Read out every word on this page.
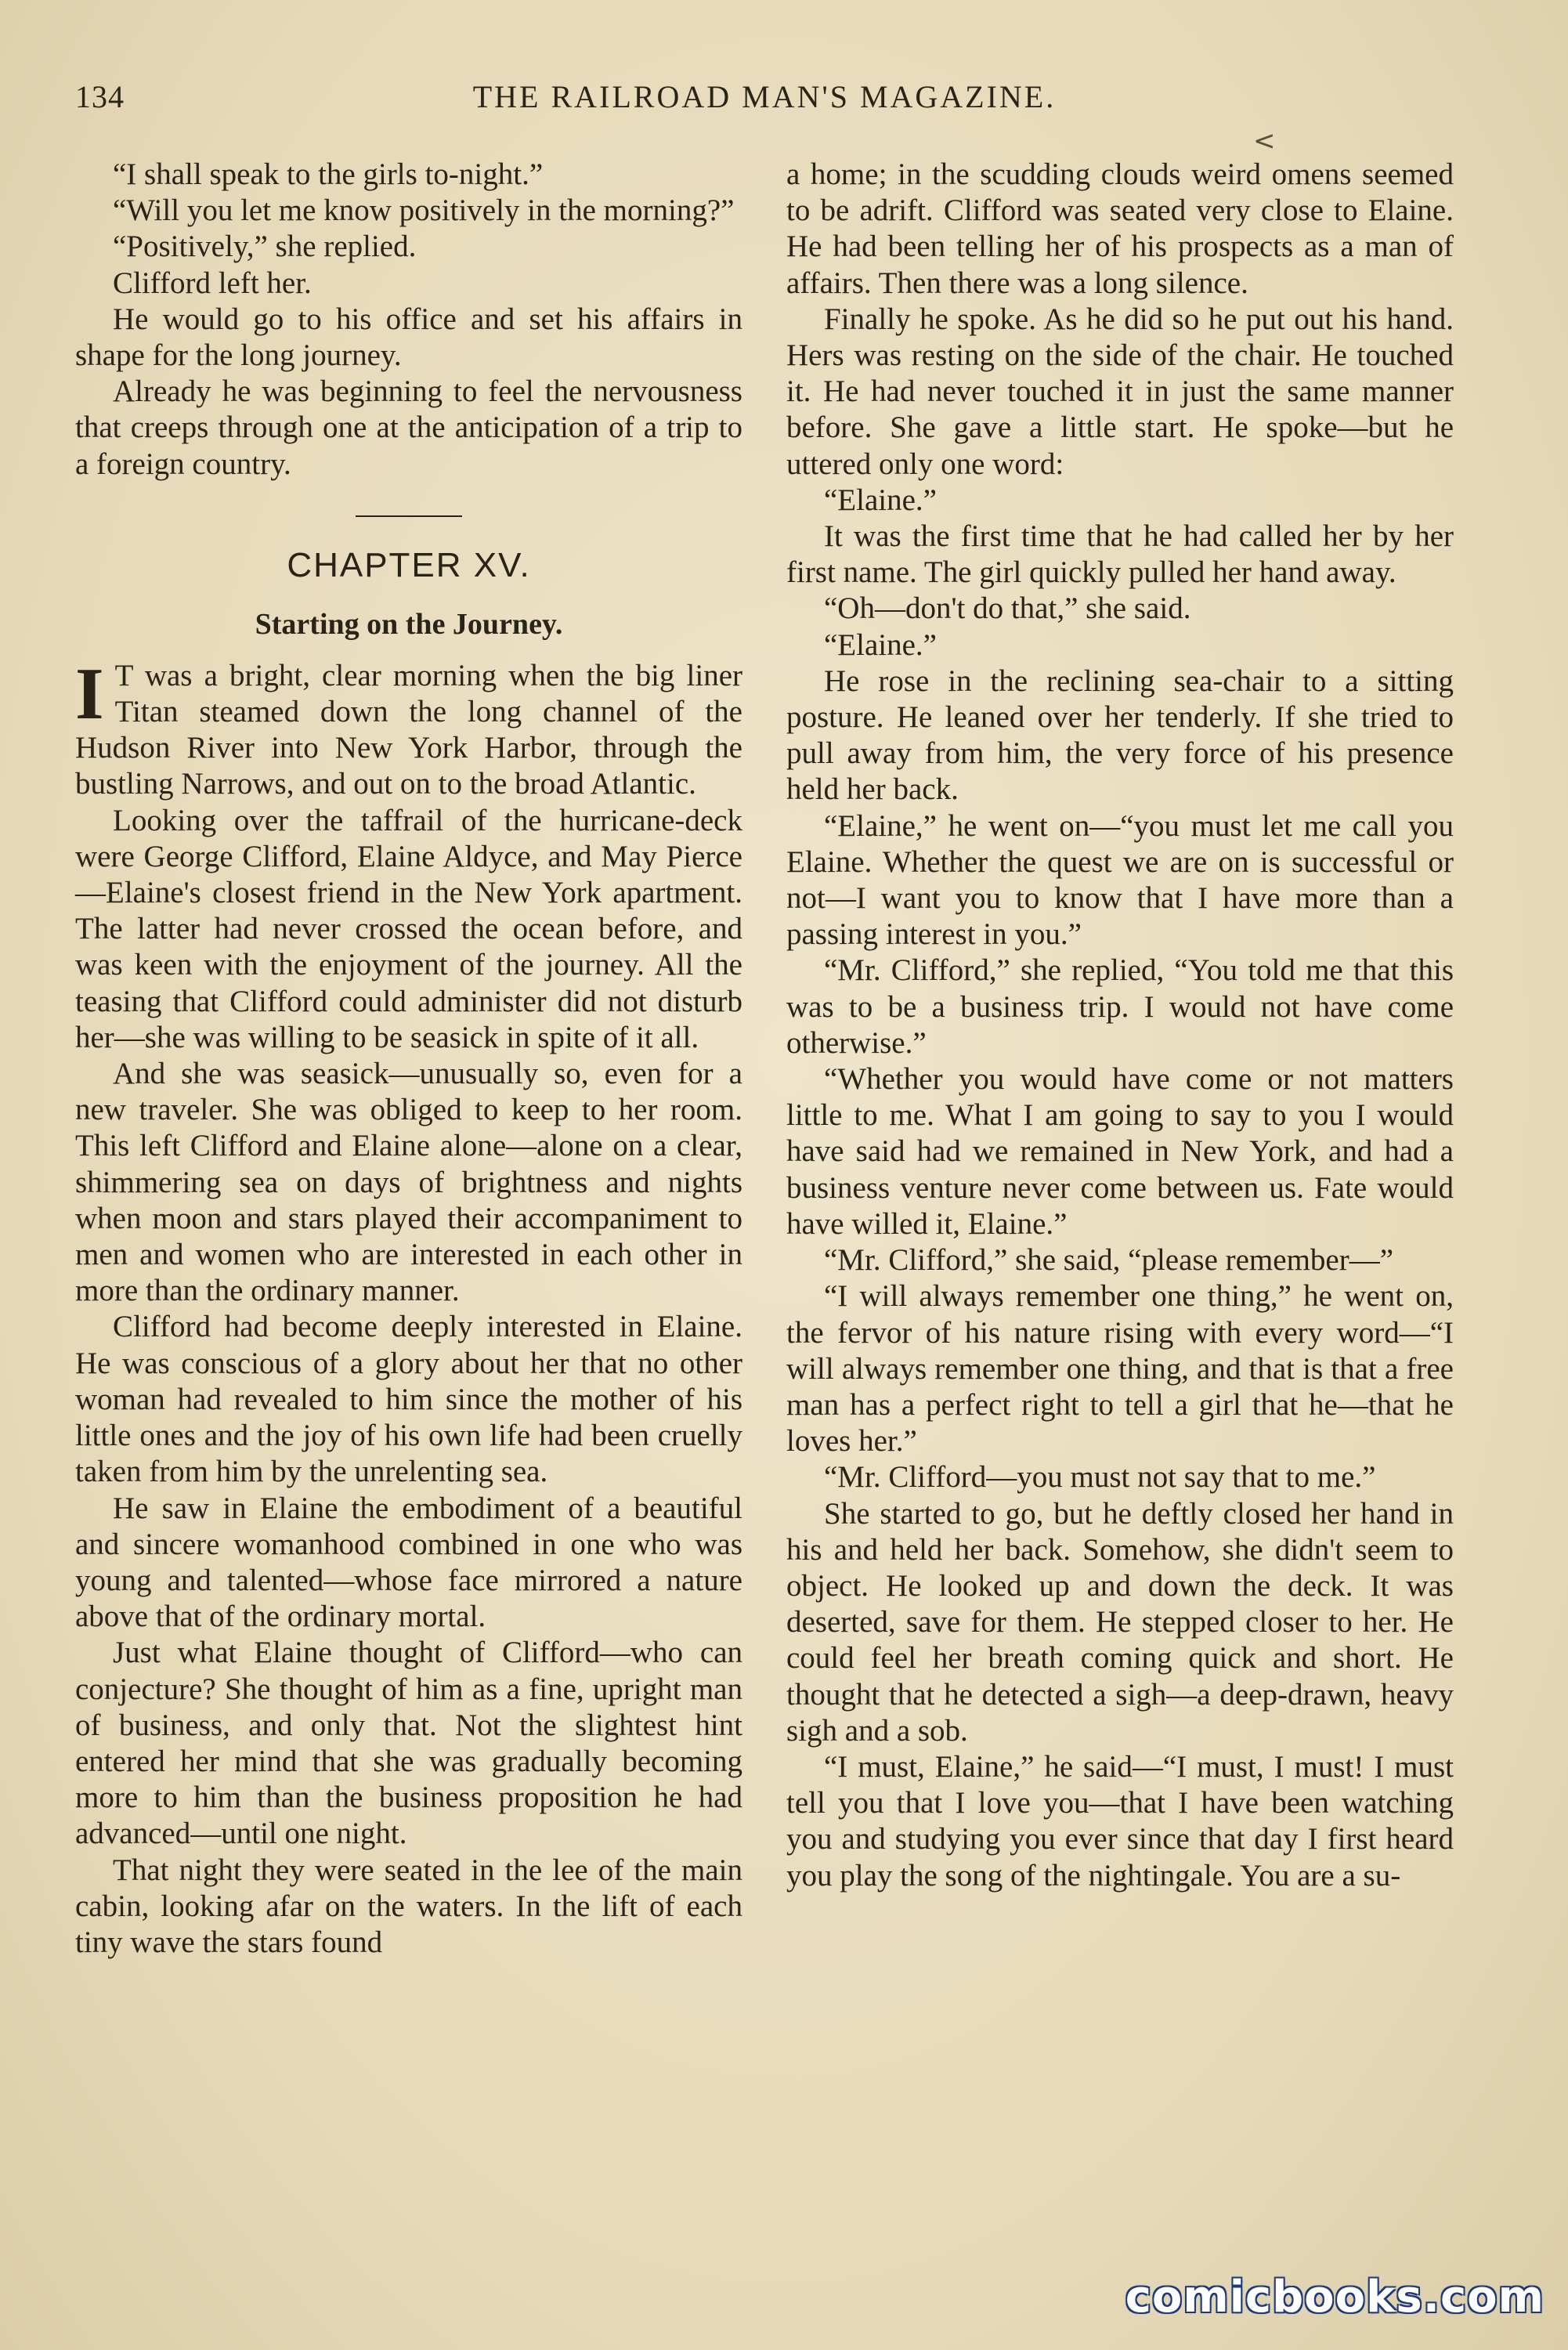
134	THE RAILROAD MAN'S MAGAZINE.
<

“I shall speak to the girls to-night.”

“Will you let me know positively in the morning?”

“Positively,” she replied.

Clifford left her.

He would go to his office and set his affairs in shape for the long journey.

Already he was beginning to feel the nervousness that creeps through one at the anticipation of a trip to a foreign country.

CHAPTER XV.
Starting on the Journey.

I T was a bright, clear morning when the big liner Titan steamed down the long channel of the Hudson River into New York Harbor, through the bustling Narrows, and out on to the broad Atlantic.

Looking over the taffrail of the hurricane-deck were George Clifford, Elaine Aldyce, and May Pierce—Elaine's closest friend in the New York apartment. The latter had never crossed the ocean before, and was keen with the enjoyment of the journey. All the teasing that Clifford could administer did not disturb her—she was willing to be seasick in spite of it all.

And she was seasick—unusually so, even for a new traveler. She was obliged to keep to her room. This left Clifford and Elaine alone—alone on a clear, shimmering sea on days of brightness and nights when moon and stars played their accompaniment to men and women who are interested in each other in more than the ordinary manner.

Clifford had become deeply interested in Elaine. He was conscious of a glory about her that no other woman had revealed to him since the mother of his little ones and the joy of his own life had been cruelly taken from him by the unrelenting sea.

He saw in Elaine the embodiment of a beautiful and sincere womanhood combined in one who was young and talented—whose face mirrored a nature above that of the ordinary mortal.

Just what Elaine thought of Clifford—who can conjecture? She thought of him as a fine, upright man of business, and only that. Not the slightest hint entered her mind that she was gradually becoming more to him than the business proposition he had advanced—until one night.

That night they were seated in the lee of the main cabin, looking afar on the waters. In the lift of each tiny wave the stars found

a home; in the scudding clouds weird omens seemed to be adrift. Clifford was seated very close to Elaine. He had been telling her of his prospects as a man of affairs. Then there was a long silence.

Finally he spoke. As he did so he put out his hand. Hers was resting on the side of the chair. He touched it. He had never touched it in just the same manner before. She gave a little start. He spoke—but he uttered only one word:

“Elaine.”

It was the first time that he had called her by her first name. The girl quickly pulled her hand away.

“Oh—don't do that,” she said.

“Elaine.”

He rose in the reclining sea-chair to a sitting posture. He leaned over her tenderly. If she tried to pull away from him, the very force of his presence held her back.

“Elaine,” he went on—“you must let me call you Elaine. Whether the quest we are on is successful or not—I want you to know that I have more than a passing interest in you.”

“Mr. Clifford,” she replied, “You told me that this was to be a business trip. I would not have come otherwise.”

“Whether you would have come or not matters little to me. What I am going to say to you I would have said had we remained in New York, and had a business venture never come between us. Fate would have willed it, Elaine.”

“Mr. Clifford,” she said, “please remember—”

“I will always remember one thing,” he went on, the fervor of his nature rising with every word—“I will always remember one thing, and that is that a free man has a perfect right to tell a girl that he—that he loves her.”

“Mr. Clifford—you must not say that to me.”

She started to go, but he deftly closed her hand in his and held her back. Somehow, she didn't seem to object. He looked up and down the deck. It was deserted, save for them. He stepped closer to her. He could feel her breath coming quick and short. He thought that he detected a sigh—a deep-drawn, heavy sigh and a sob.

“I must, Elaine,” he said—“I must, I must! I must tell you that I love you—that I have been watching you and studying you ever since that day I first heard you play the song of the nightingale. You are a su-

comicbooks.com
